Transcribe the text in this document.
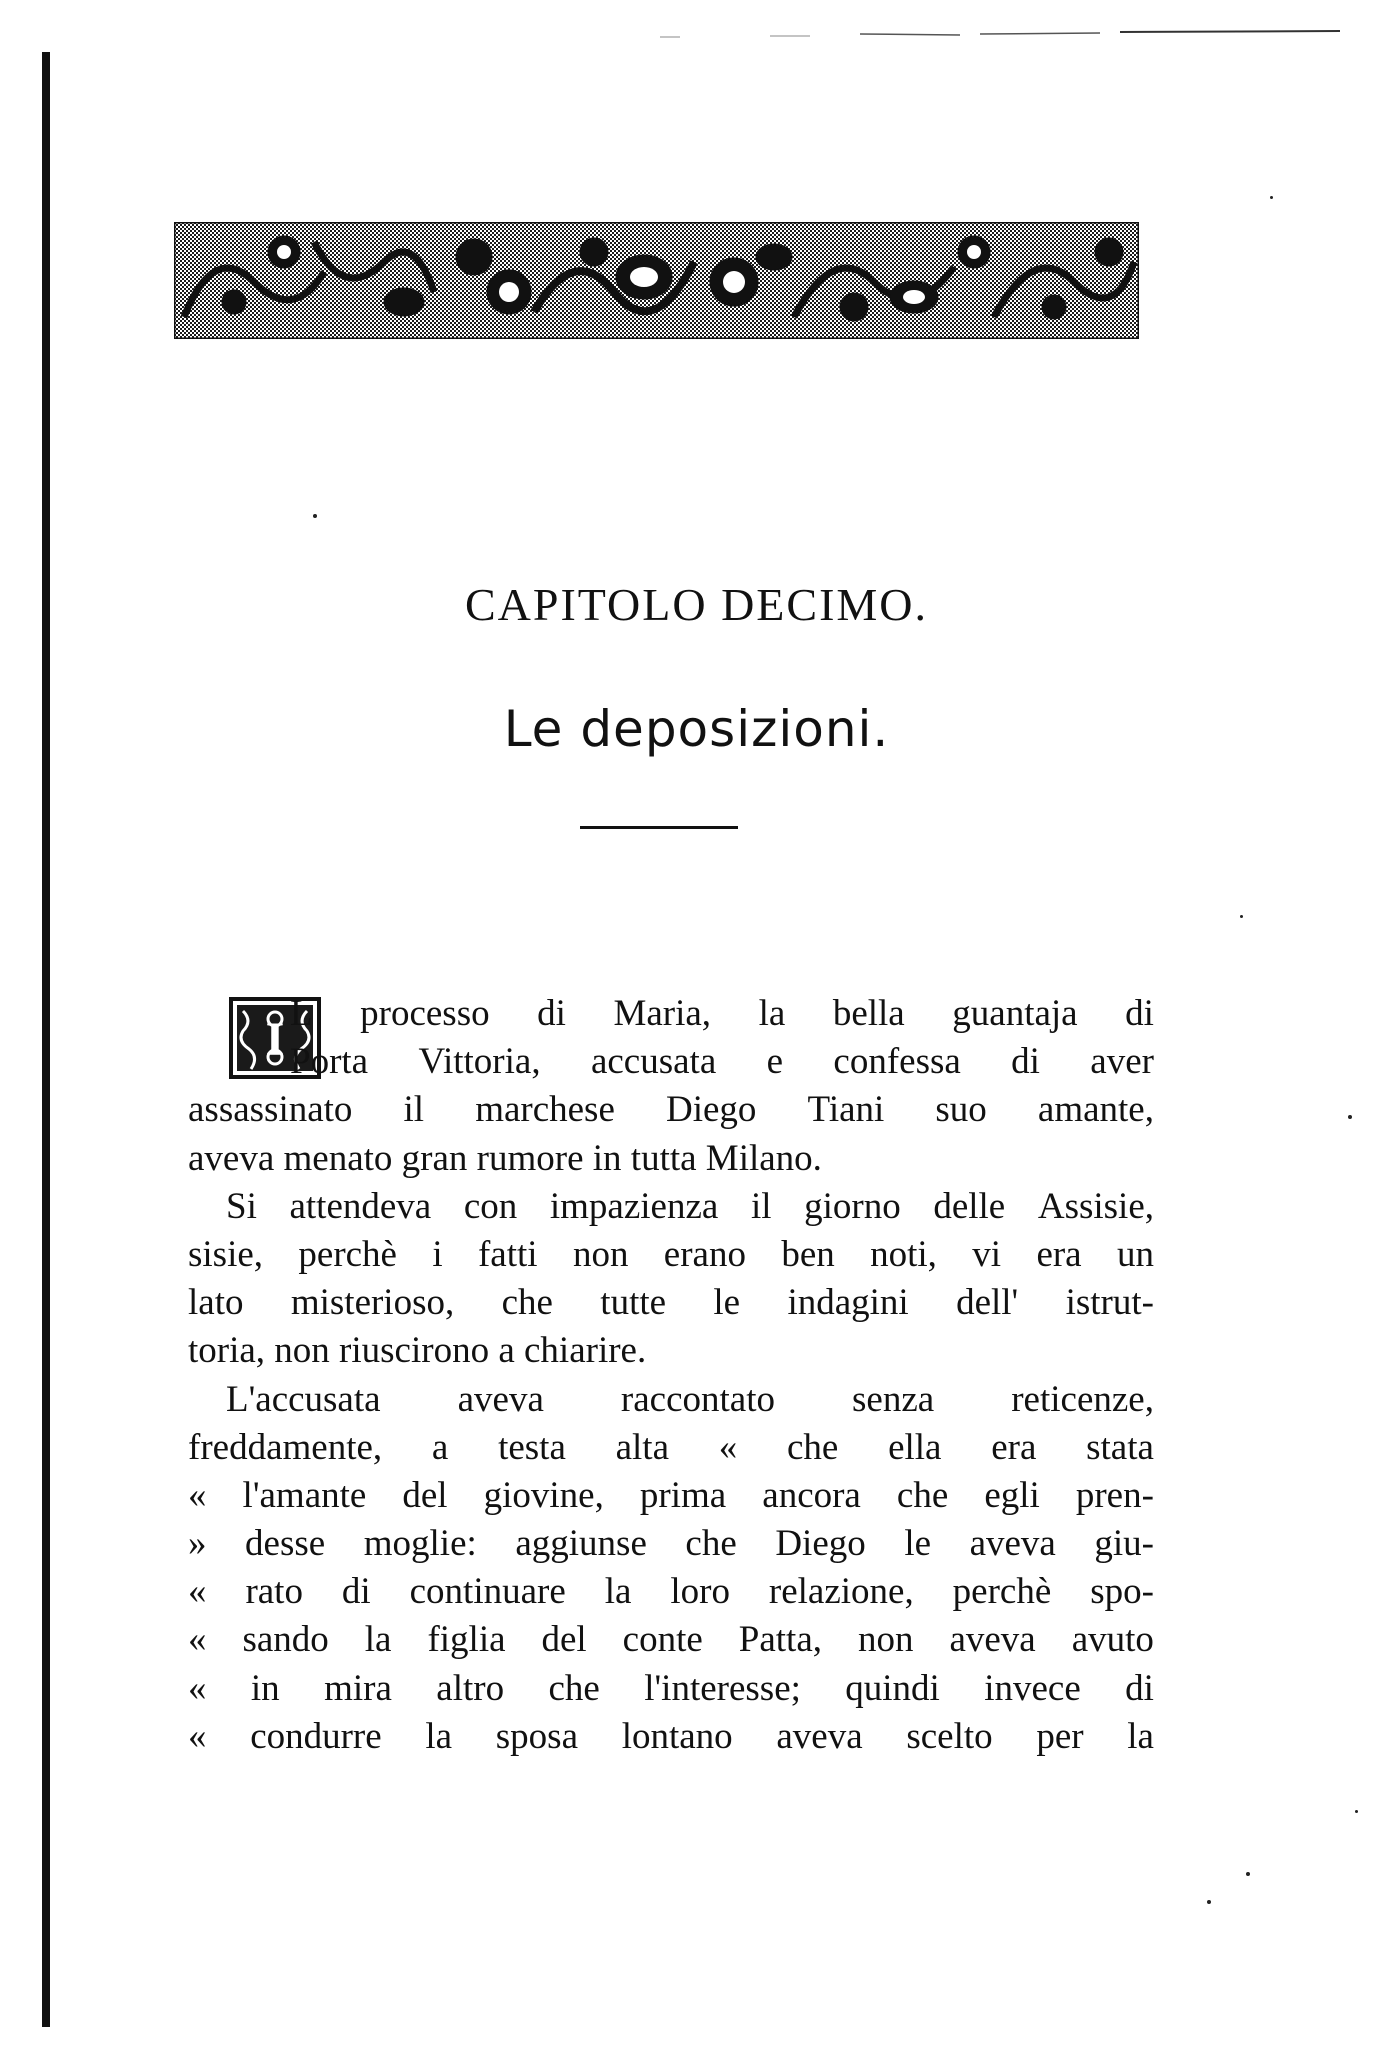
CAPITOLO DECIMO.
Le deposizioni.
I L processo di Maria, la bella guantaja di
Porta Vittoria, accusata e confessa di aver
assassinato il marchese Diego Tiani suo amante,
aveva menato gran rumore in tutta Milano.
Si attendeva con impazienza il giorno delle Assisie,
sisie, perchè i fatti non erano ben noti, vi era un
lato misterioso, che tutte le indagini dell' istrut-
toria, non riuscirono a chiarire.
L'accusata aveva raccontato senza reticenze,
freddamente, a testa alta « che ella era stata
« l'amante del giovine, prima ancora che egli pren-
» desse moglie: aggiunse che Diego le aveva giu-
« rato di continuare la loro relazione, perchè spo-
« sando la figlia del conte Patta, non aveva avuto
« in mira altro che l'interesse; quindi invece di
« condurre la sposa lontano aveva scelto per la
